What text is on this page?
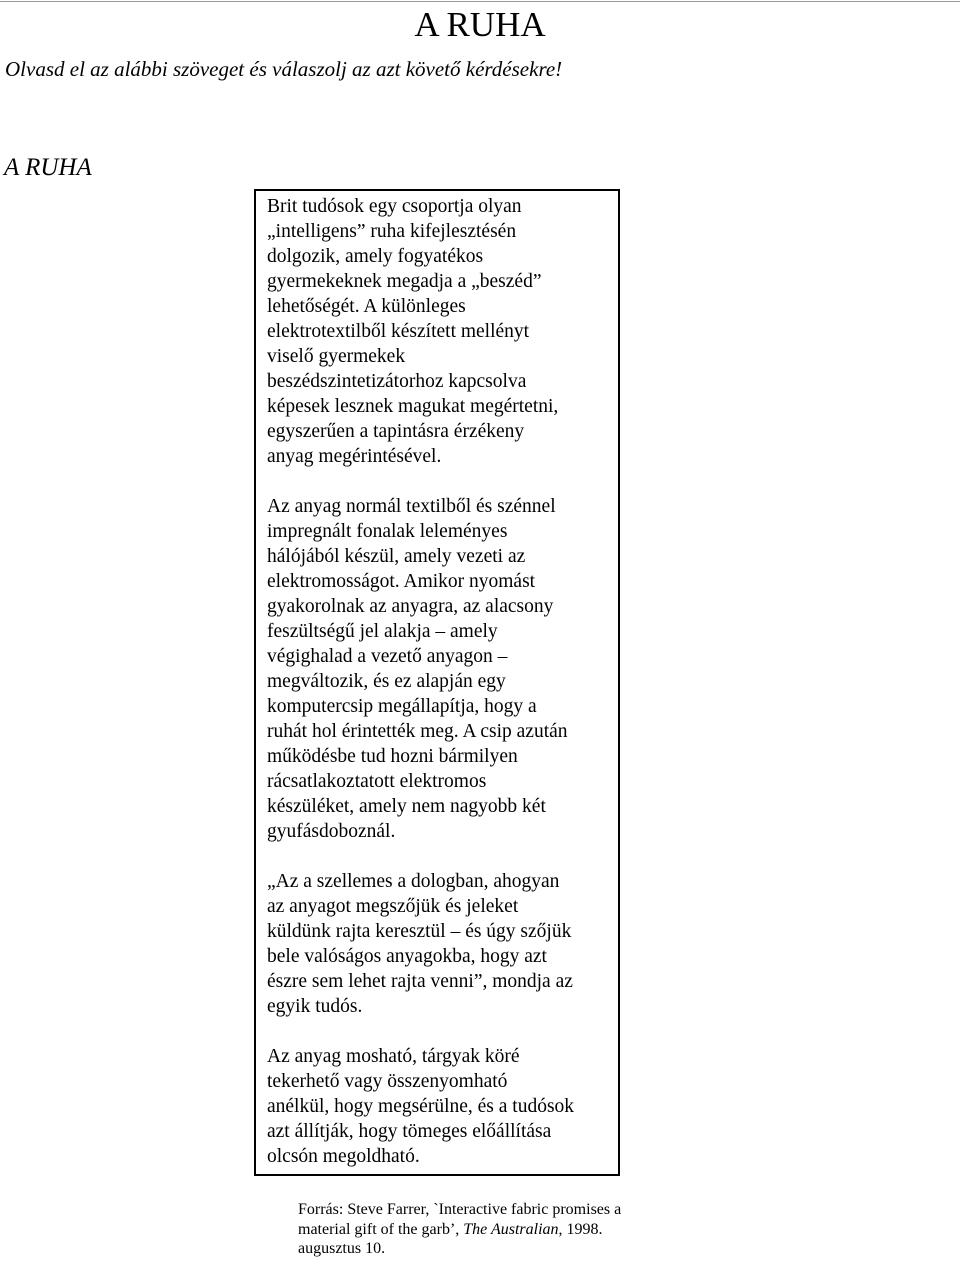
A RUHA

Olvasd el az alábbi szöveget és válaszolj az azt követő kérdésekre!

A RUHA

Brit tudósok egy csoportja olyan
„intelligens” ruha kifejlesztésén
dolgozik, amely fogyatékos
gyermekeknek megadja a „beszéd”
lehetőségét. A különleges
elektrotextilből készített mellényt
viselő gyermekek
beszédszintetizátorhoz kapcsolva
képesek lesznek magukat megértetni,
egyszerűen a tapintásra érzékeny
anyag megérintésével.

Az anyag normál textilből és szénnel
impregnált fonalak leleményes
hálójából készül, amely vezeti az
elektromosságot. Amikor nyomást
gyakorolnak az anyagra, az alacsony
feszültségű jel alakja – amely
végighalad a vezető anyagon –
megváltozik, és ez alapján egy
komputercsip megállapítja, hogy a
ruhát hol érintették meg. A csip azután
működésbe tud hozni bármilyen
rácsatlakoztatott elektromos
készüléket, amely nem nagyobb két
gyufásdoboznál.

„Az a szellemes a dologban, ahogyan
az anyagot megszőjük és jeleket
küldünk rajta keresztül – és úgy szőjük
bele valóságos anyagokba, hogy azt
észre sem lehet rajta venni”, mondja az
egyik tudós.

Az anyag mosható, tárgyak köré
tekerhető vagy összenyomható
anélkül, hogy megsérülne, és a tudósok
azt állítják, hogy tömeges előállítása
olcsón megoldható.

Forrás: Steve Farrer, `Interactive fabric promises a
material gift of the garb’, The Australian, 1998.
augusztus 10.
